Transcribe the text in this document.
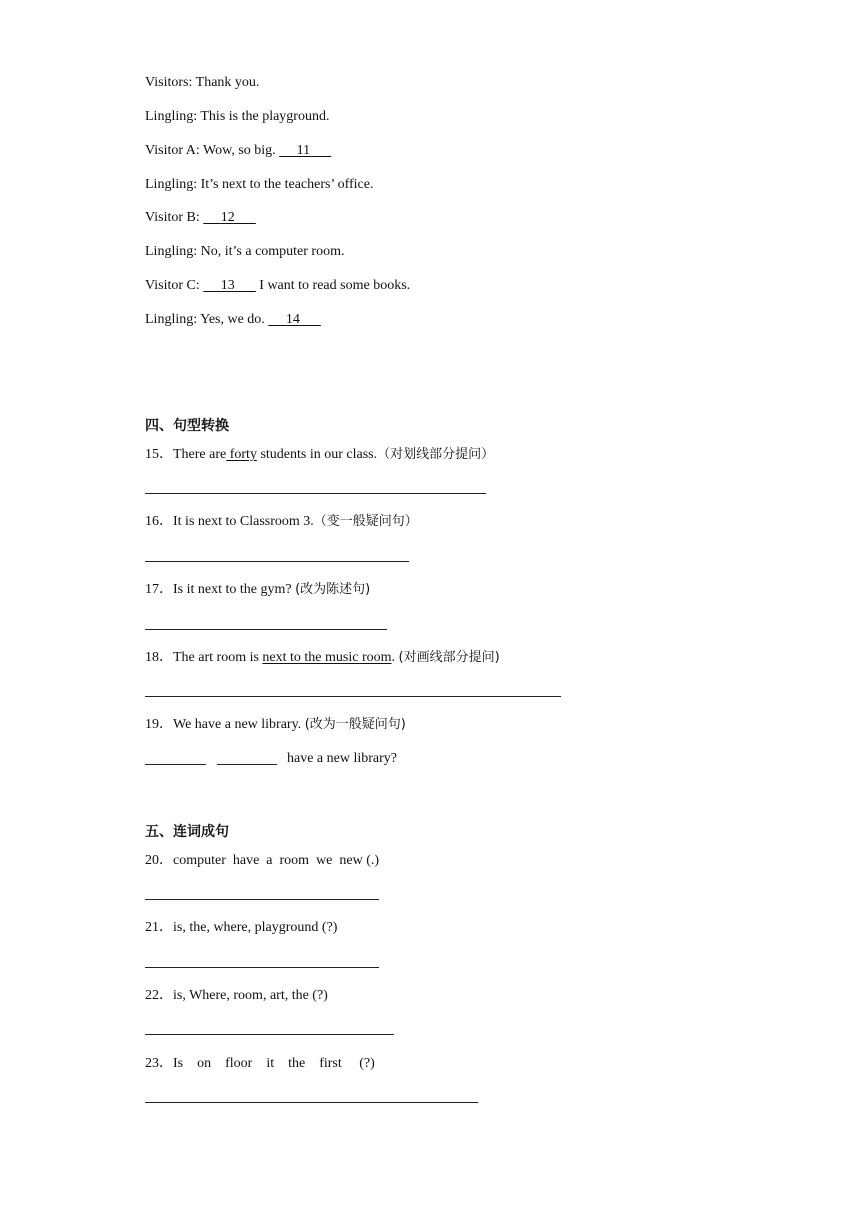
Visitors: Thank you.
Lingling: This is the playground.
Visitor A: Wow, so big.      11
Lingling: It’s next to the teachers’ office.
Visitor B: 12
Lingling: No, it’s a computer room.
Visitor C: 13 I want to read some books.
Lingling: Yes, we do.      14
四、句型转换
15．There are forty students in our class.（对划线部分提问）
16．It is next to Classroom 3.（变一般疑问句）
17．Is it next to the gym? (改为陈述句)
18．The art room is next to the music room. (对画线部分提问)
19．We have a new library. (改为一般疑问句)
have a new library?
五、连词成句
20．computer  have  a  room  we  new (.)
21．is, the, where, playground (?)
22．is, Where, room, art, the (?)
23．Is    on    floor    it    the    first     (?)
